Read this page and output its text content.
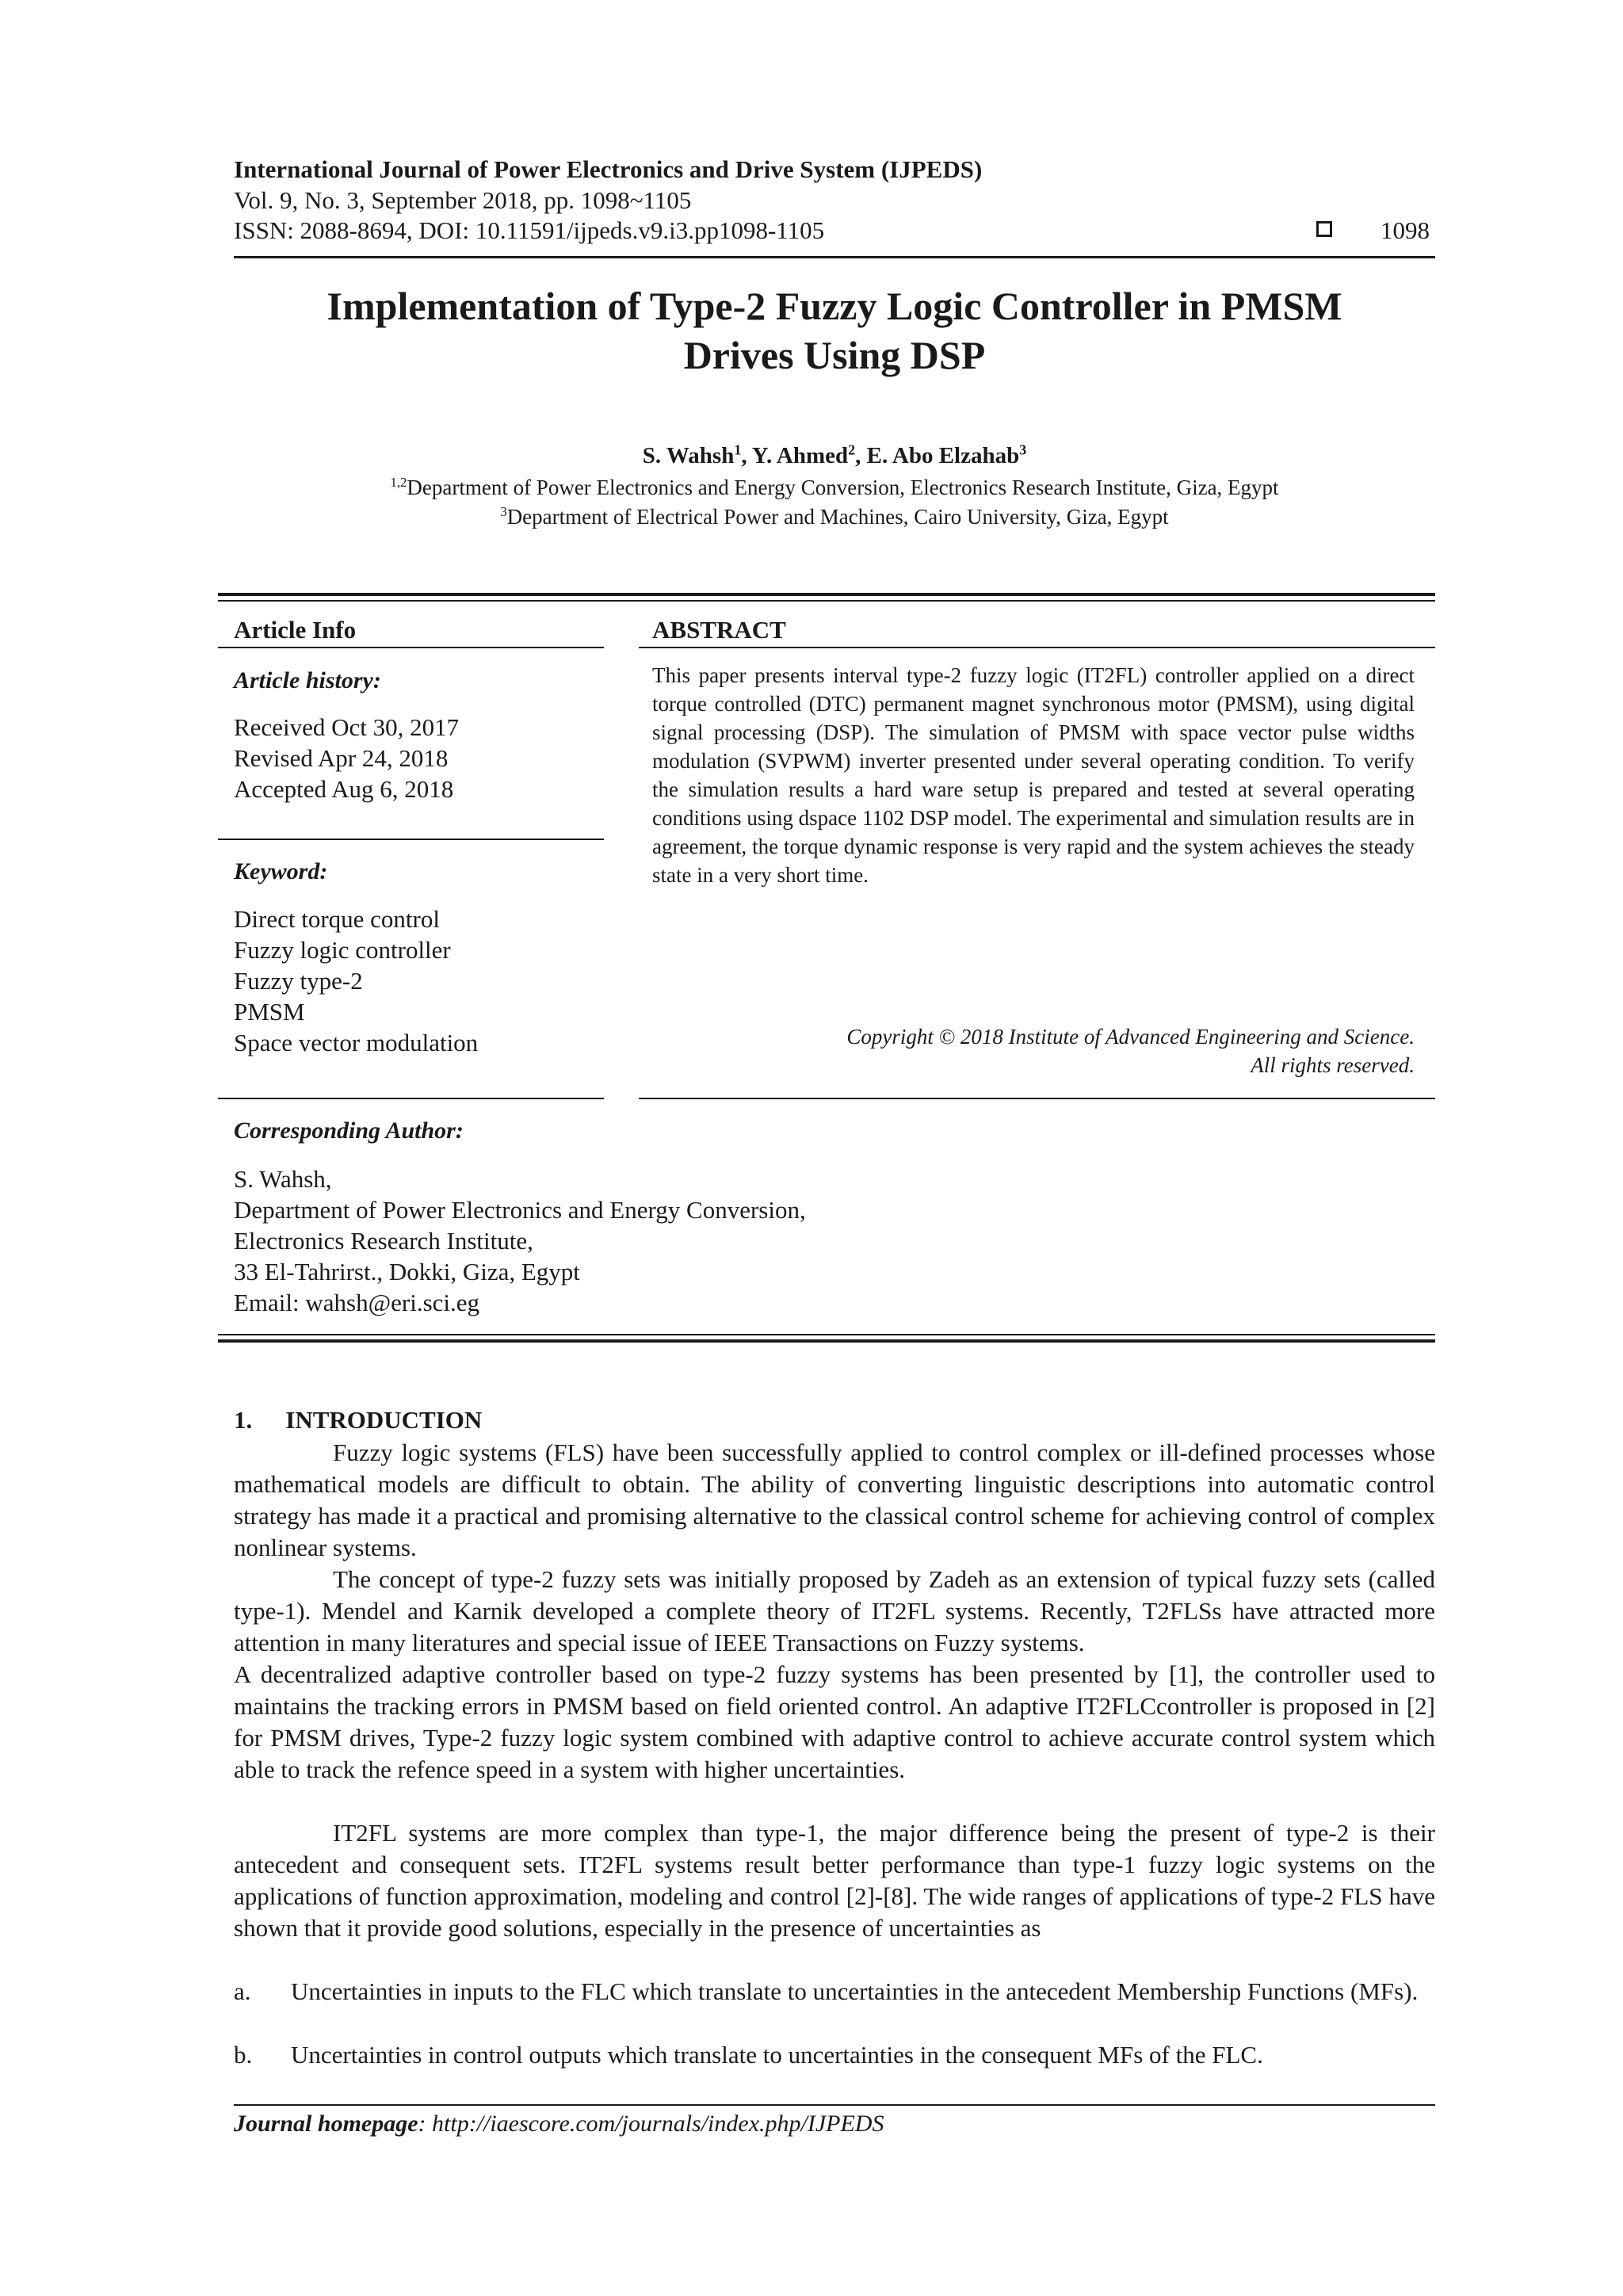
International Journal of Power Electronics and Drive System (IJPEDS)
Vol. 9, No. 3, September 2018, pp. 1098~1105
ISSN: 2088-8694, DOI: 10.11591/ijpeds.v9.i3.pp1098-1105	1098
Implementation of Type-2 Fuzzy Logic Controller in PMSM
Drives Using DSP
S. Wahsh$^1$, Y. Ahmed$^2$, E. Abo Elzahab$^3$
$^{1,2}$Department of Power Electronics and Energy Conversion, Electronics Research Institute, Giza, Egypt
$^3$Department of Electrical Power and Machines, Cairo University, Giza, Egypt
Article Info
Article history:
Received Oct 30, 2017
Revised Apr 24, 2018
Accepted Aug 6, 2018
Keyword:
Direct torque control
Fuzzy logic controller
Fuzzy type-2
PMSM
Space vector modulation
ABSTRACT
This paper presents interval type-2 fuzzy logic (IT2FL) controller applied on a direct torque controlled (DTC) permanent magnet synchronous motor (PMSM), using digital signal processing (DSP). The simulation of PMSM with space vector pulse widths modulation (SVPWM) inverter presented under several operating condition. To verify the simulation results a hard ware setup is prepared and tested at several operating conditions using dspace 1102 DSP model. The experimental and simulation results are in agreement, the torque dynamic response is very rapid and the system achieves the steady state in a very short time.
Copyright © 2018 Institute of Advanced Engineering and Science.
All rights reserved.
Corresponding Author:
S. Wahsh,
Department of Power Electronics and Energy Conversion,
Electronics Research Institute,
33 El-Tahrirst., Dokki, Giza, Egypt
Email: wahsh@eri.sci.eg
1. INTRODUCTION
Fuzzy logic systems (FLS) have been successfully applied to control complex or ill-defined processes whose mathematical models are difficult to obtain. The ability of converting linguistic descriptions into automatic control strategy has made it a practical and promising alternative to the classical control scheme for achieving control of complex nonlinear systems.
The concept of type-2 fuzzy sets was initially proposed by Zadeh as an extension of typical fuzzy sets (called type-1). Mendel and Karnik developed a complete theory of IT2FL systems. Recently, T2FLSs have attracted more attention in many literatures and special issue of IEEE Transactions on Fuzzy systems.
A decentralized adaptive controller based on type-2 fuzzy systems has been presented by [1], the controller used to maintains the tracking errors in PMSM based on field oriented control. An adaptive IT2FLCcontroller is proposed in [2] for PMSM drives, Type-2 fuzzy logic system combined with adaptive control to achieve accurate control system which able to track the refence speed in a system with higher uncertainties.
IT2FL systems are more complex than type-1, the major difference being the present of type-2 is their antecedent and consequent sets. IT2FL systems result better performance than type-1 fuzzy logic systems on the applications of function approximation, modeling and control [2]-[8]. The wide ranges of applications of type-2 FLS have shown that it provide good solutions, especially in the presence of uncertainties as
a. Uncertainties in inputs to the FLC which translate to uncertainties in the antecedent Membership Functions (MFs).
b. Uncertainties in control outputs which translate to uncertainties in the consequent MFs of the FLC.
Journal homepage: http://iaescore.com/journals/index.php/IJPEDS
